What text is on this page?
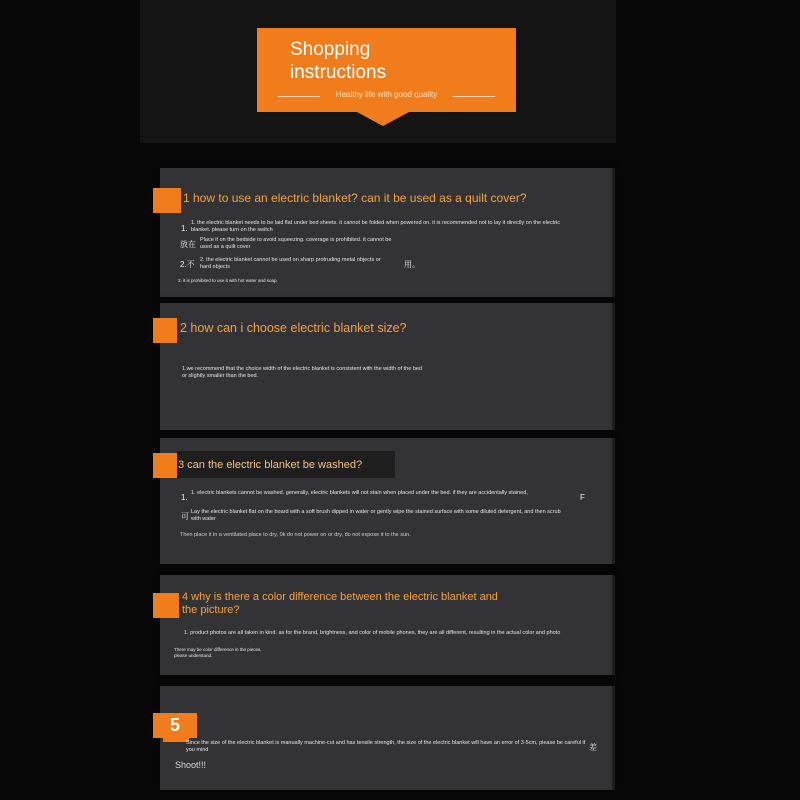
Shopping
instructions
Healthy life with good quality
1 how to use an electric blanket? can it be used as a quilt cover?
1.
1. the electric blanket needs to be laid flat under bed sheets. it cannot be folded when powered on. it is recommended not to lay it directly on the electric blanket. please turn on the switch
放在 Place it on the bedside to avoid squeezing. coverage is prohibited. it cannot be used as a quilt cover
2.不 2. the electric blanket cannot be used on sharp protruding metal objects or hard objects	用。
3. it is prohibited to use it with hot water and soap.
2 how can i choose electric blanket size?
1.we recommend that the choice width of the electric blanket is consistent with the width of the bed or slightly smaller than the bed.
3 can the electric blanket be washed?
1. 1. electric blankets cannot be washed. generally, electric blankets will not stain when placed under the bed. if they are accidentally stained,	F
可 Lay the electric blanket flat on the board with a soft brush dipped in water or gently wipe the stained surface with some diluted detergent, and then scrub with water
Then place it in a ventilated place to dry, 0k do not power on or dry, do not expose it to the sun.
4 why is there a color difference between the electric blanket and
the picture?
1. product photos are all taken in kind. as for the brand, brightness, and color of mobile phones, they are all different, resulting in the actual color and photo
There may be color difference in the pieces, please understand.
5
Since the size of the electric blanket is manually machine-cut and has tensile strength, the size of the electric blanket will have an error of 3-5cm, please be careful if you mind	差
Shoot!!!
